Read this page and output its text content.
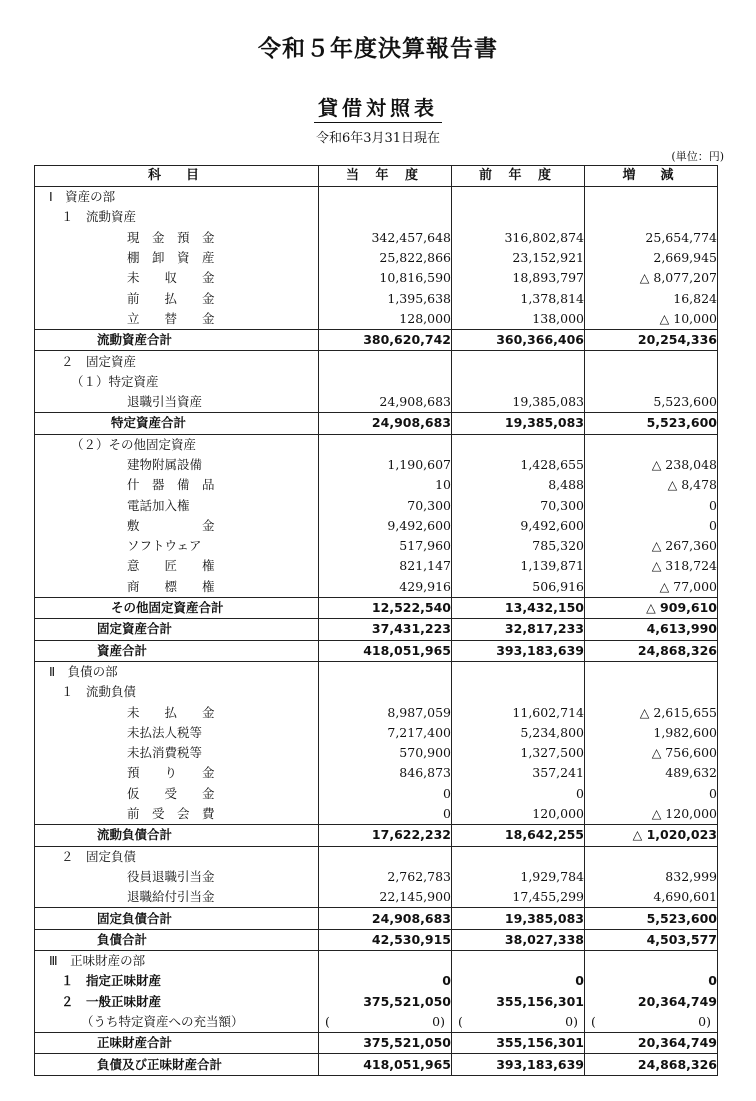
令和５年度決算報告書
貸借対照表
令和6年3月31日現在
(単位：円)
科　目	当 年 度	前 年 度	増　減
Ⅰ　資産の部			
１　流動資産			
現　金　預　金	342,457,648	316,802,874	25,654,774
棚　卸　資　産	25,822,866	23,152,921	2,669,945
未　　収　　金	10,816,590	18,893,797	△ 8,077,207
前　　払　　金	1,395,638	1,378,814	16,824
立　　替　　金	128,000	138,000	△ 10,000
流動資産合計	380,620,742	360,366,406	20,254,336
２　固定資産			
（１）特定資産			
退職引当資産	24,908,683	19,385,083	5,523,600
特定資産合計	24,908,683	19,385,083	5,523,600
（２）その他固定資産			
建物附属設備	1,190,607	1,428,655	△ 238,048
什　器　備　品	10	8,488	△ 8,478
電話加入権	70,300	70,300	0
敷　　　　　金	9,492,600	9,492,600	0
ソフトウェア	517,960	785,320	△ 267,360
意　　匠　　権	821,147	1,139,871	△ 318,724
商　　標　　権	429,916	506,916	△ 77,000
その他固定資産合計	12,522,540	13,432,150	△ 909,610
固定資産合計	37,431,223	32,817,233	4,613,990
資産合計	418,051,965	393,183,639	24,868,326
Ⅱ　負債の部			
１　流動負債			
未　　払　　金	8,987,059	11,602,714	△ 2,615,655
未払法人税等	7,217,400	5,234,800	1,982,600
未払消費税等	570,900	1,327,500	△ 756,600
預　　り　　金	846,873	357,241	489,632
仮　　受　　金	0	0	0
前　受　会　費	0	120,000	△ 120,000
流動負債合計	17,622,232	18,642,255	△ 1,020,023
２　固定負債			
役員退職引当金	2,762,783	1,929,784	832,999
退職給付引当金	22,145,900	17,455,299	4,690,601
固定負債合計	24,908,683	19,385,083	5,523,600
負債合計	42,530,915	38,027,338	4,503,577
Ⅲ　正味財産の部			
１　指定正味財産	0	0	0
２　一般正味財産	375,521,050	355,156,301	20,364,749
（うち特定資産への充当額）	( 0 )	( 0 )	( 0 )

正味財産合計	375,521,050	355,156,301	20,364,749
負債及び正味財産合計	418,051,965	393,183,639	24,868,326
